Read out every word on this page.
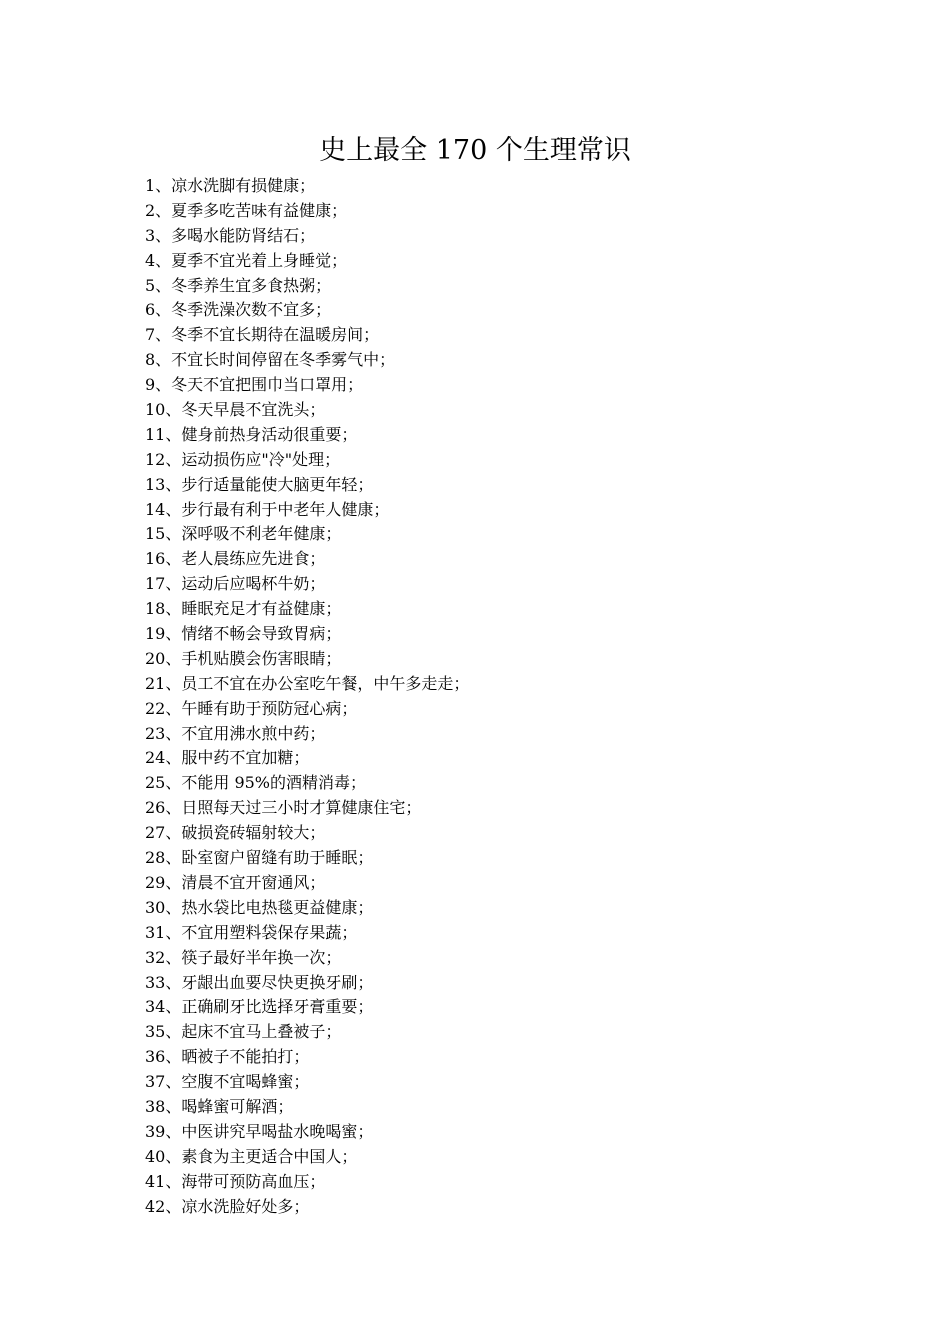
史上最全 170 个生理常识
1、凉水洗脚有损健康；
2、夏季多吃苦味有益健康；
3、多喝水能防肾结石；
4、夏季不宜光着上身睡觉；
5、冬季养生宜多食热粥；
6、冬季洗澡次数不宜多；
7、冬季不宜长期待在温暖房间；
8、不宜长时间停留在冬季雾气中；
9、冬天不宜把围巾当口罩用；
10、冬天早晨不宜洗头；
11、健身前热身活动很重要；
12、运动损伤应"冷"处理；
13、步行适量能使大脑更年轻；
14、步行最有利于中老年人健康；
15、深呼吸不利老年健康；
16、老人晨练应先进食；
17、运动后应喝杯牛奶；
18、睡眠充足才有益健康；
19、情绪不畅会导致胃病；
20、手机贴膜会伤害眼睛；
21、员工不宜在办公室吃午餐，中午多走走；
22、午睡有助于预防冠心病；
23、不宜用沸水煎中药；
24、服中药不宜加糖；
25、不能用 95%的酒精消毒；
26、日照每天过三小时才算健康住宅；
27、破损瓷砖辐射较大；
28、卧室窗户留缝有助于睡眠；
29、清晨不宜开窗通风；
30、热水袋比电热毯更益健康；
31、不宜用塑料袋保存果蔬；
32、筷子最好半年换一次；
33、牙龈出血要尽快更换牙刷；
34、正确刷牙比选择牙膏重要；
35、起床不宜马上叠被子；
36、晒被子不能拍打；
37、空腹不宜喝蜂蜜；
38、喝蜂蜜可解酒；
39、中医讲究早喝盐水晚喝蜜；
40、素食为主更适合中国人；
41、海带可预防高血压；
42、凉水洗脸好处多；
